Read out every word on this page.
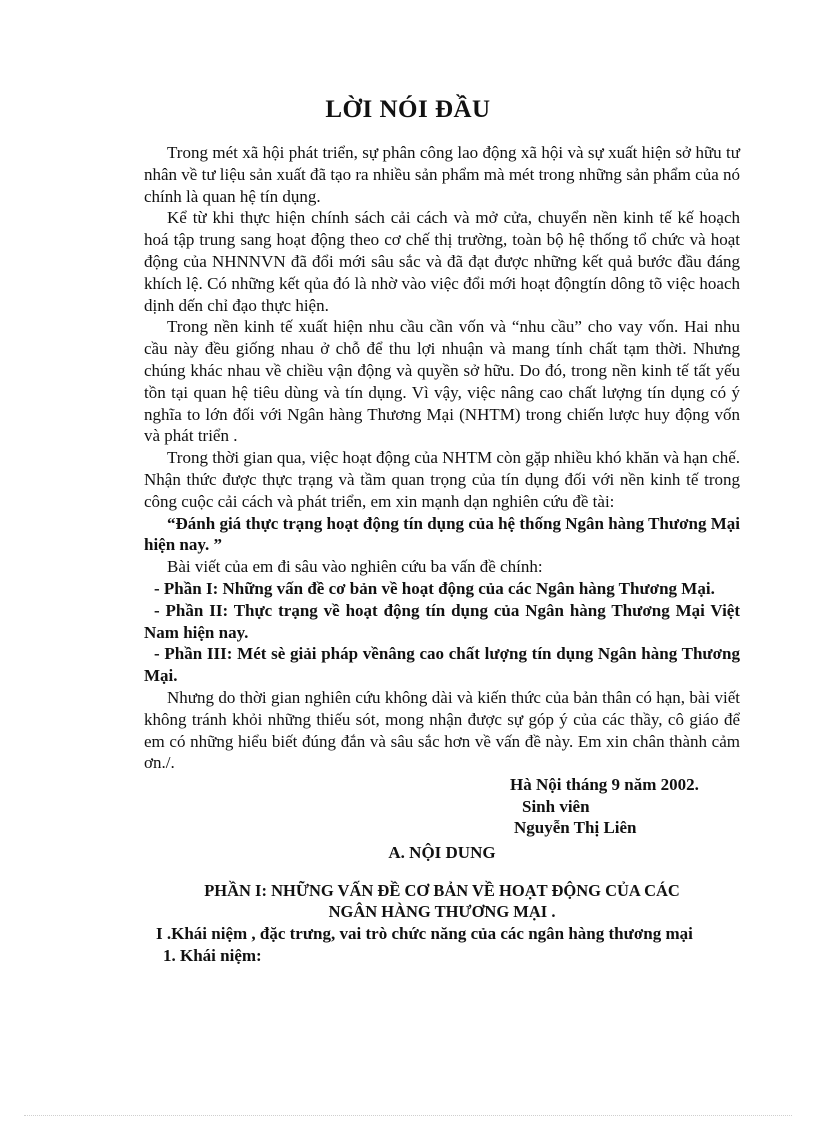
LỜI NÓI ĐẦU

Trong mét xã hội phát triển, sự phân công lao động xã hội và sự xuất hiện sở hữu tư nhân về tư liệu sản xuất đã tạo ra nhiều sản phẩm mà mét trong những sản phẩm của nó chính là quan hệ tín dụng.

Kể từ khi thực hiện chính sách cải cách và mở cửa, chuyển nền kinh tế kế hoạch hoá tập trung sang hoạt động theo cơ chế thị trường, toàn bộ hệ thống tổ chức và hoạt động của NHNNVN đã đổi mới sâu sắc và đã đạt được những kết quả bước đầu đáng khích lệ. Có những kết qủa đó là nhờ vào việc đổi mới hoạt độngtín dông tõ việc hoach dịnh dến chỉ đạo thực hiện.

Trong nền kinh tế xuất hiện nhu cầu cần vốn và “nhu cầu” cho vay vốn. Hai nhu cầu này đều giống nhau ở chỗ để thu lợi nhuận và mang tính chất tạm thời. Nhưng chúng khác nhau về chiều vận động và quyền sở hữu. Do đó, trong nền kinh tế tất yếu tồn tại quan hệ tiêu dùng và tín dụng. Vì vậy, việc nâng cao chất lượng tín dụng có ý nghĩa to lớn đối với Ngân hàng Thương Mại (NHTM) trong chiến lược huy động vốn và phát triển .

Trong thời gian qua, việc hoạt động của NHTM còn gặp nhiều khó khăn và hạn chế. Nhận thức được thực trạng và tầm quan trọng của tín dụng đối với nền kinh tế trong công cuộc cải cách và phát triển, em xin mạnh dạn nghiên cứu đề tài:

“Đánh giá thực trạng hoạt động tín dụng của hệ thống Ngân hàng Thương Mại hiện nay. ”

Bài viết của em đi sâu vào nghiên cứu ba vấn đề chính:

- Phần I: Những vấn đề cơ bản về hoạt động của các Ngân hàng Thương Mại.

- Phần II: Thực trạng về hoạt động tín dụng của Ngân hàng Thương Mại Việt Nam hiện nay.

- Phần III: Mét sè giải pháp vềnâng cao chất lượng tín dụng Ngân hàng Thương Mại.

Nhưng do thời gian nghiên cứu không dài và kiến thức của bản thân có hạn, bài viết không tránh khỏi những thiếu sót, mong nhận được sự góp ý của các thầy, cô giáo để em có những hiểu biết đúng đắn và sâu sắc hơn về vấn đề này. Em xin chân thành cảm ơn./.

Hà Nội tháng 9 năm 2002.
Sinh viên
Nguyễn Thị Liên
A. NỘI DUNG
PHẦN I: NHỮNG VẤN ĐỀ CƠ BẢN VỀ HOẠT ĐỘNG CỦA CÁC
NGÂN HÀNG THƯƠNG MẠI .

I .Khái niệm , đặc trưng, vai trò chức năng của các ngân hàng thương mại

1. Khái niệm:
